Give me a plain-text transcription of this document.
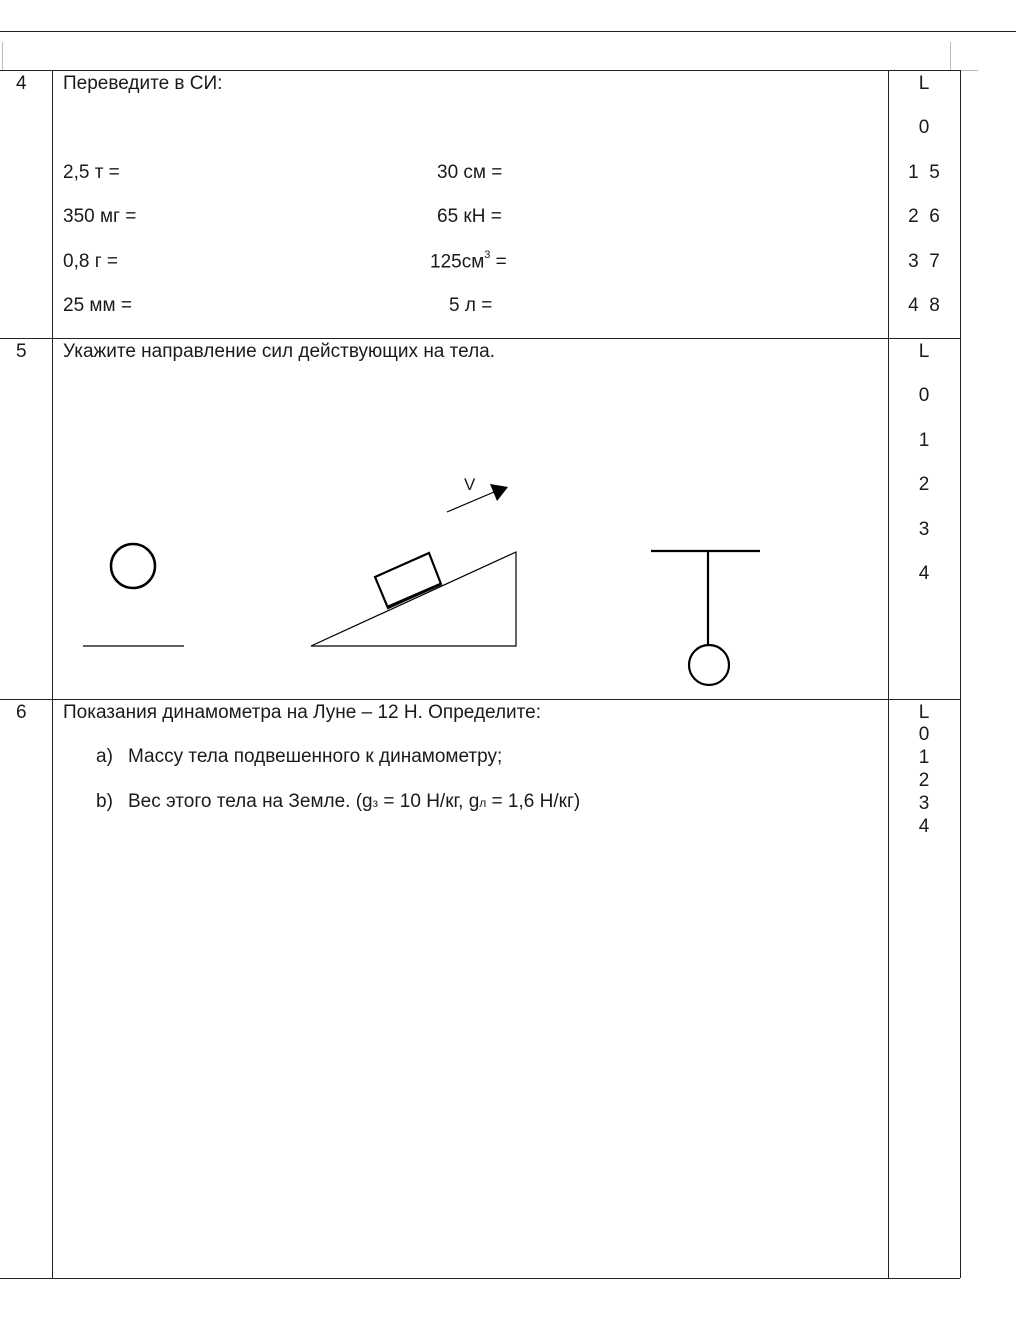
4 Переведите в СИ:
2,5 т =
350 мг =
0,8 г =
25 мм =
30 см =
65 кН =
$125см^3$ =
5 л =
L
0
1  5
2  6
3  7
4  8
5 Укажите направление сил действующих на тела.
V
L
0
1
2
3
4
6 Показания динамометра на Луне – 12 Н. Определите:
a) Массу тела подвешенного к динамометру;
b) Вес этого тела на Земле. (gз = 10 Н/кг, gл = 1,6 Н/кг)
L
0
1
2
3
4
